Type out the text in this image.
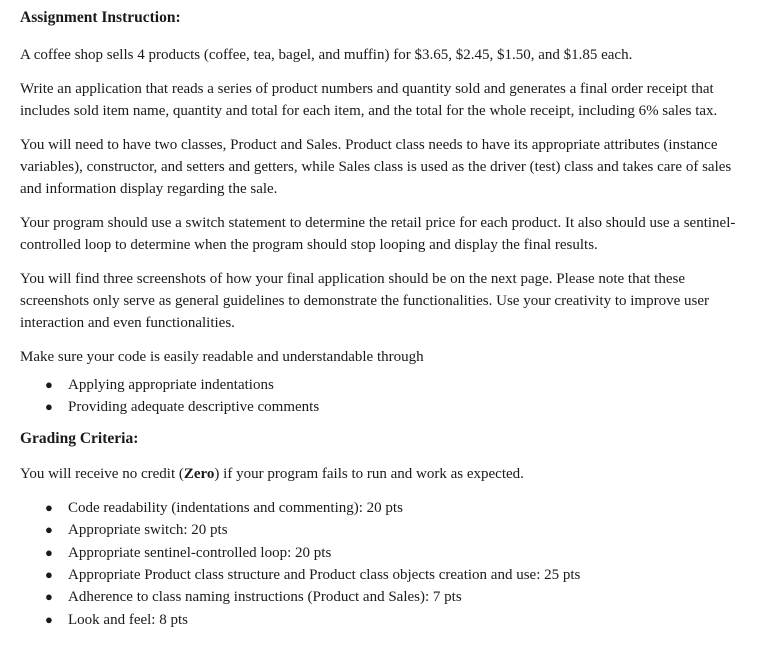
Assignment Instruction:

A coffee shop sells 4 products (coffee, tea, bagel, and muffin) for $3.65, $2.45, $1.50, and $1.85 each.

Write an application that reads a series of product numbers and quantity sold and generates a final order receipt that includes sold item name, quantity and total for each item, and the total for the whole receipt, including 6% sales tax.

You will need to have two classes, Product and Sales. Product class needs to have its appropriate attributes (instance variables), constructor, and setters and getters, while Sales class is used as the driver (test) class and takes care of sales and information display regarding the sale.

Your program should use a switch statement to determine the retail price for each product. It also should use a sentinel-controlled loop to determine when the program should stop looping and display the final results.

You will find three screenshots of how your final application should be on the next page. Please note that these screenshots only serve as general guidelines to demonstrate the functionalities. Use your creativity to improve user interaction and even functionalities.

Make sure your code is easily readable and understandable through

● Applying appropriate indentations
● Providing adequate descriptive comments

Grading Criteria:

You will receive no credit (Zero) if your program fails to run and work as expected.

● Code readability (indentations and commenting): 20 pts
● Appropriate switch: 20 pts
● Appropriate sentinel-controlled loop: 20 pts
● Appropriate Product class structure and Product class objects creation and use: 25 pts
● Adherence to class naming instructions (Product and Sales): 7 pts
● Look and feel: 8 pts
